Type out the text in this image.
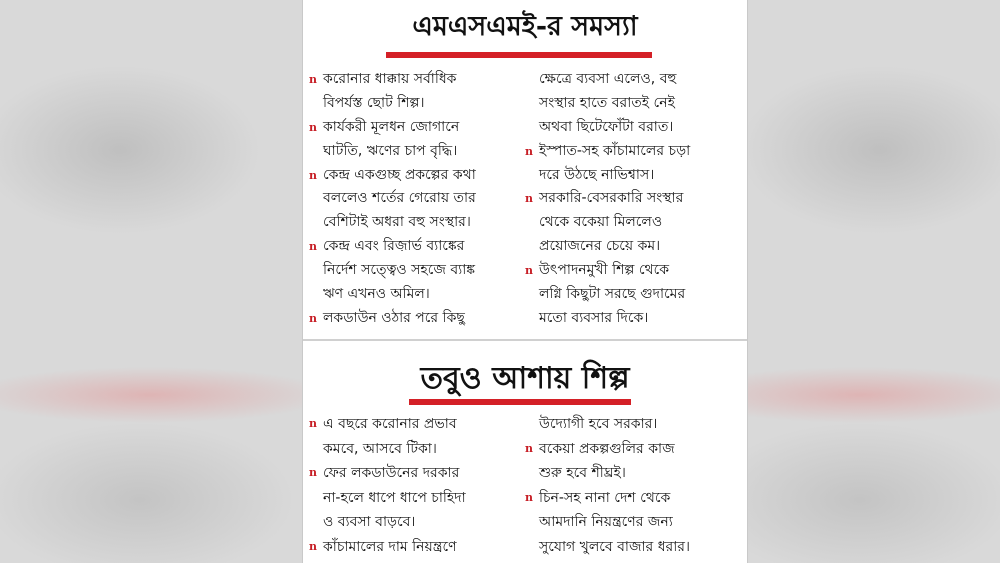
এমএসএমই-র সমস্যা
n করোনার ধাক্কায় সর্বাধিক
বিপর্যস্ত ছোট শিল্প।
n কার্যকরী মূলধন জোগানে
ঘাটতি, ঋণের চাপ বৃদ্ধি।
n কেন্দ্র একগুচ্ছ প্রকল্পের কথা
বললেও শর্তের গেরোয় তার
বেশিটাই অধরা বহু সংস্থার।
n কেন্দ্র এবং রিজ়ার্ভ ব্যাঙ্কের
নির্দেশ সত্ত্বেও সহজে ব্যাঙ্ক
ঋণ এখনও অমিল।
n লকডাউন ওঠার পরে কিছু
ক্ষেত্রে ব্যবসা এলেও, বহু
সংস্থার হাতে বরাতই নেই
অথবা ছিটেফোঁটা বরাত।
n ইস্পাত-সহ কাঁচামালের চড়া
দরে উঠছে নাভিশ্বাস।
n সরকারি-বেসরকারি সংস্থার
থেকে বকেয়া মিললেও
প্রয়োজনের চেয়ে কম।
n উৎপাদনমুখী শিল্প থেকে
লগ্নি কিছুটা সরছে গুদামের
মতো ব্যবসার দিকে।
তবুও আশায় শিল্প
n এ বছরে করোনার প্রভাব
কমবে, আসবে টিকা।
n ফের লকডাউনের দরকার
না-হলে ধাপে ধাপে চাহিদা
ও ব্যবসা বাড়বে।
n কাঁচামালের দাম নিয়ন্ত্রণে
উদ্যোগী হবে সরকার।
n বকেয়া প্রকল্পগুলির কাজ
শুরু হবে শীঘ্রই।
n চিন-সহ নানা দেশ থেকে
আমদানি নিয়ন্ত্রণের জন্য
সুযোগ খুলবে বাজার ধরার।
